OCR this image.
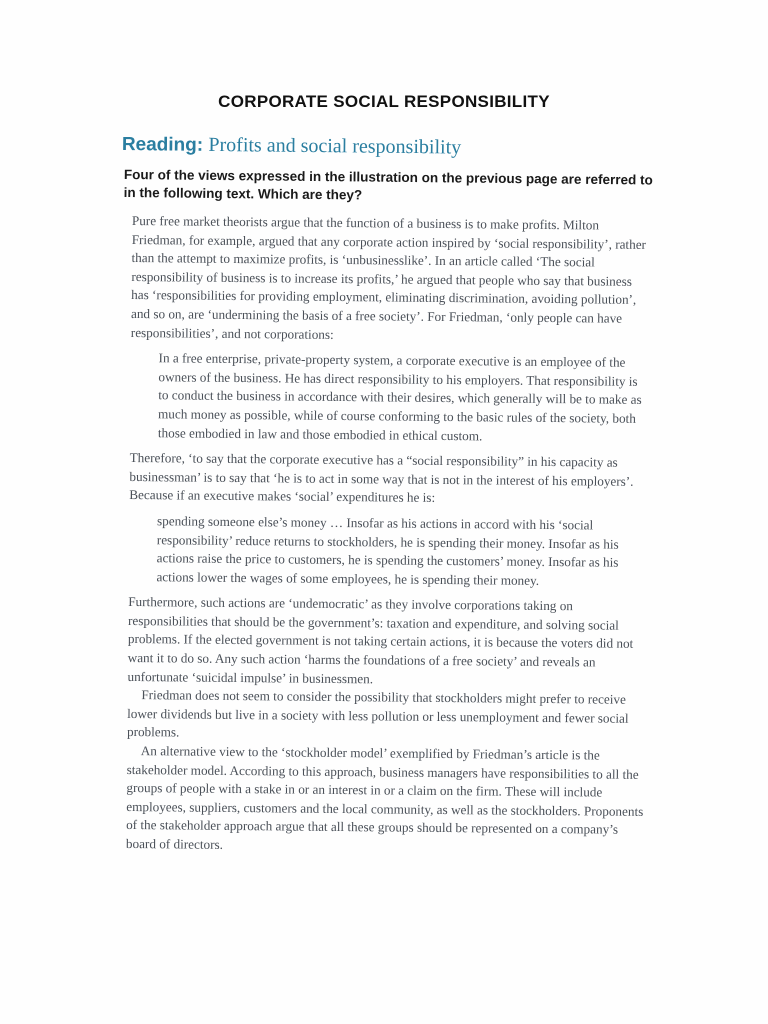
CORPORATE SOCIAL RESPONSIBILITY
Reading: Profits and social responsibility
Four of the views expressed in the illustration on the previous page are referred to in the following text. Which are they?

Pure free market theorists argue that the function of a business is to make profits. Milton Friedman, for example, argued that any corporate action inspired by ‘social responsibility’, rather than the attempt to maximize profits, is ‘unbusinesslike’. In an article called ‘The social responsibility of business is to increase its profits,’ he argued that people who say that business has ‘responsibilities for providing employment, eliminating discrimination, avoiding pollution’, and so on, are ‘undermining the basis of a free society’. For Friedman, ‘only people can have responsibilities’, and not corporations:

In a free enterprise, private-property system, a corporate executive is an employee of the owners of the business. He has direct responsibility to his employers. That responsibility is to conduct the business in accordance with their desires, which generally will be to make as much money as possible, while of course conforming to the basic rules of the society, both those embodied in law and those embodied in ethical custom.

Therefore, ‘to say that the corporate executive has a “social responsibility” in his capacity as businessman’ is to say that ‘he is to act in some way that is not in the interest of his employers’. Because if an executive makes ‘social’ expenditures he is:

spending someone else’s money … Insofar as his actions in accord with his ‘social responsibility’ reduce returns to stockholders, he is spending their money. Insofar as his actions raise the price to customers, he is spending the customers’ money. Insofar as his actions lower the wages of some employees, he is spending their money.

Furthermore, such actions are ‘undemocratic’ as they involve corporations taking on responsibilities that should be the government’s: taxation and expenditure, and solving social problems. If the elected government is not taking certain actions, it is because the voters did not want it to do so. Any such action ‘harms the foundations of a free society’ and reveals an unfortunate ‘suicidal impulse’ in businessmen.

Friedman does not seem to consider the possibility that stockholders might prefer to receive lower dividends but live in a society with less pollution or less unemployment and fewer social problems.

An alternative view to the ‘stockholder model’ exemplified by Friedman’s article is the stakeholder model. According to this approach, business managers have responsibilities to all the groups of people with a stake in or an interest in or a claim on the firm. These will include employees, suppliers, customers and the local community, as well as the stockholders. Proponents of the stakeholder approach argue that all these groups should be represented on a company’s board of directors.
